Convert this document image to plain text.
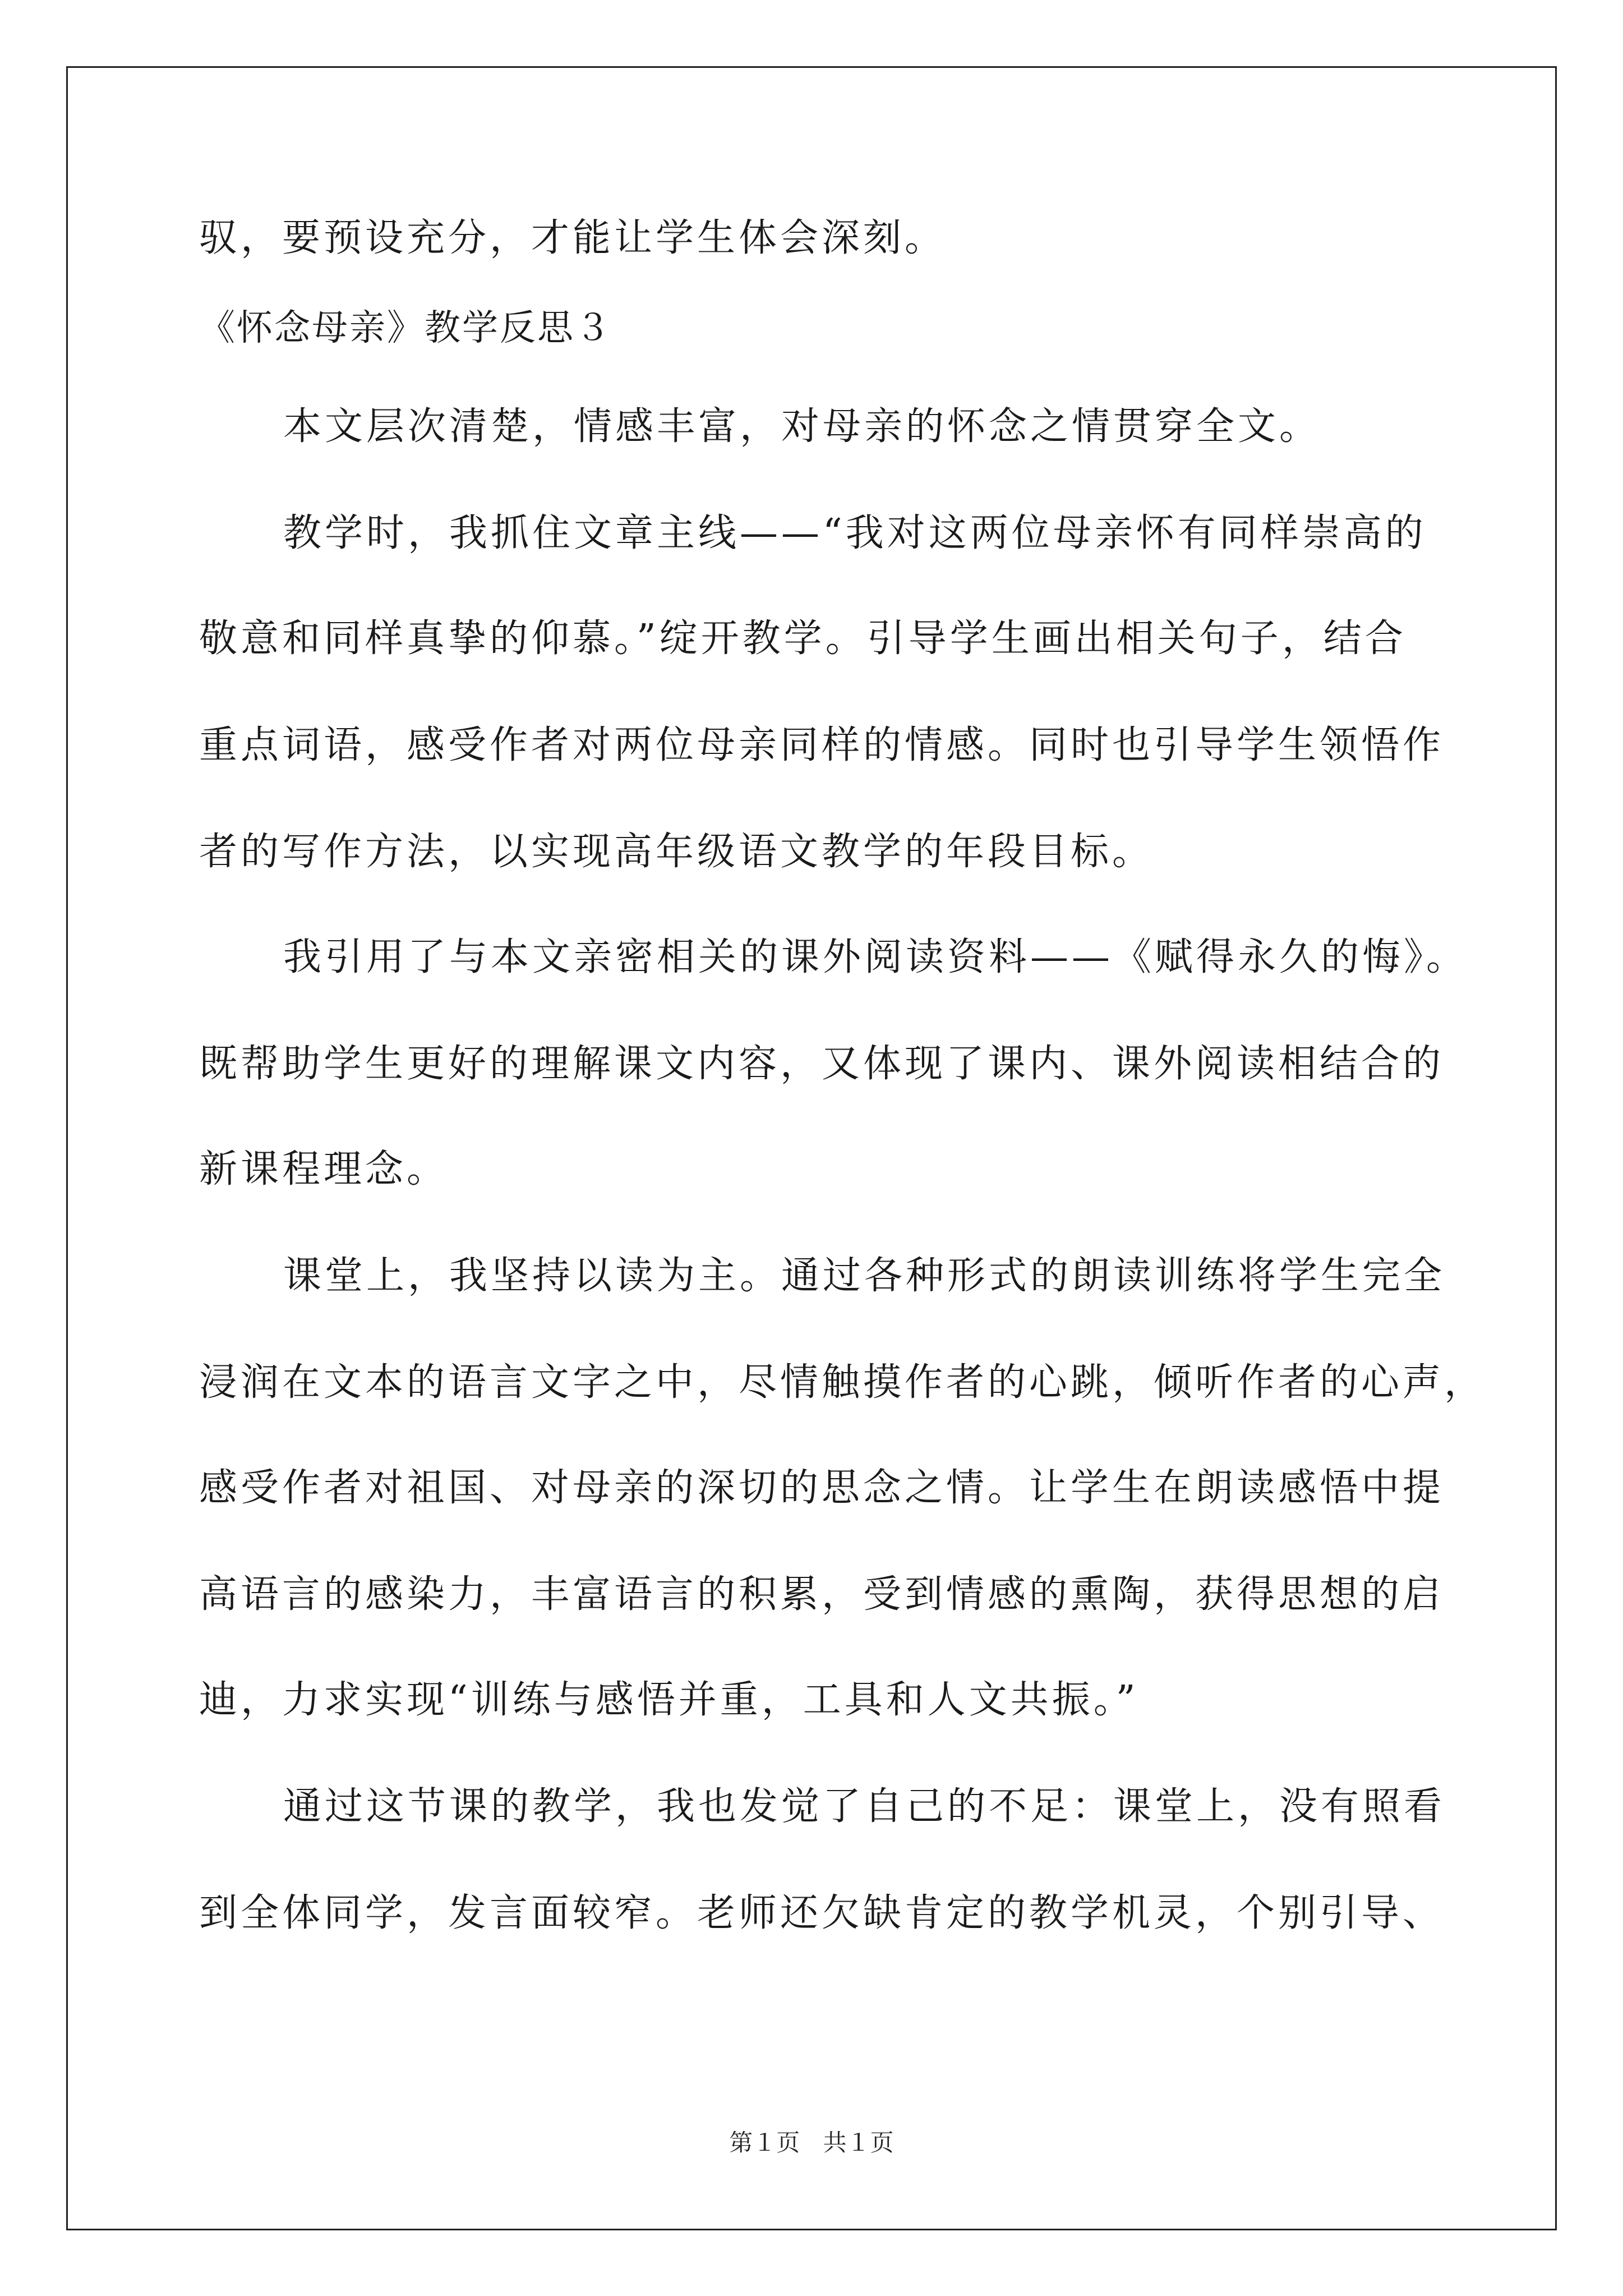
驭，要预设充分，才能让学生体会深刻。
《怀念母亲》教学反思３
本文层次清楚，情感丰富，对母亲的怀念之情贯穿全文。
教学时，我抓住文章主线——“我对这两位母亲怀有同样崇高的
敬意和同样真挚的仰慕。”绽开教学。引导学生画出相关句子，结合
重点词语，感受作者对两位母亲同样的情感。同时也引导学生领悟作
者的写作方法，以实现高年级语文教学的年段目标。
我引用了与本文亲密相关的课外阅读资料——《赋得永久的悔》。
既帮助学生更好的理解课文内容，又体现了课内、课外阅读相结合的
新课程理念。
课堂上，我坚持以读为主。通过各种形式的朗读训练将学生完全
浸润在文本的语言文字之中，尽情触摸作者的心跳，倾听作者的心声，
感受作者对祖国、对母亲的深切的思念之情。让学生在朗读感悟中提
高语言的感染力，丰富语言的积累，受到情感的熏陶，获得思想的启
迪，力求实现“训练与感悟并重，工具和人文共振。”
通过这节课的教学，我也发觉了自己的不足：课堂上，没有照看
到全体同学，发言面较窄。老师还欠缺肯定的教学机灵，个别引导、
第１页 共１页
